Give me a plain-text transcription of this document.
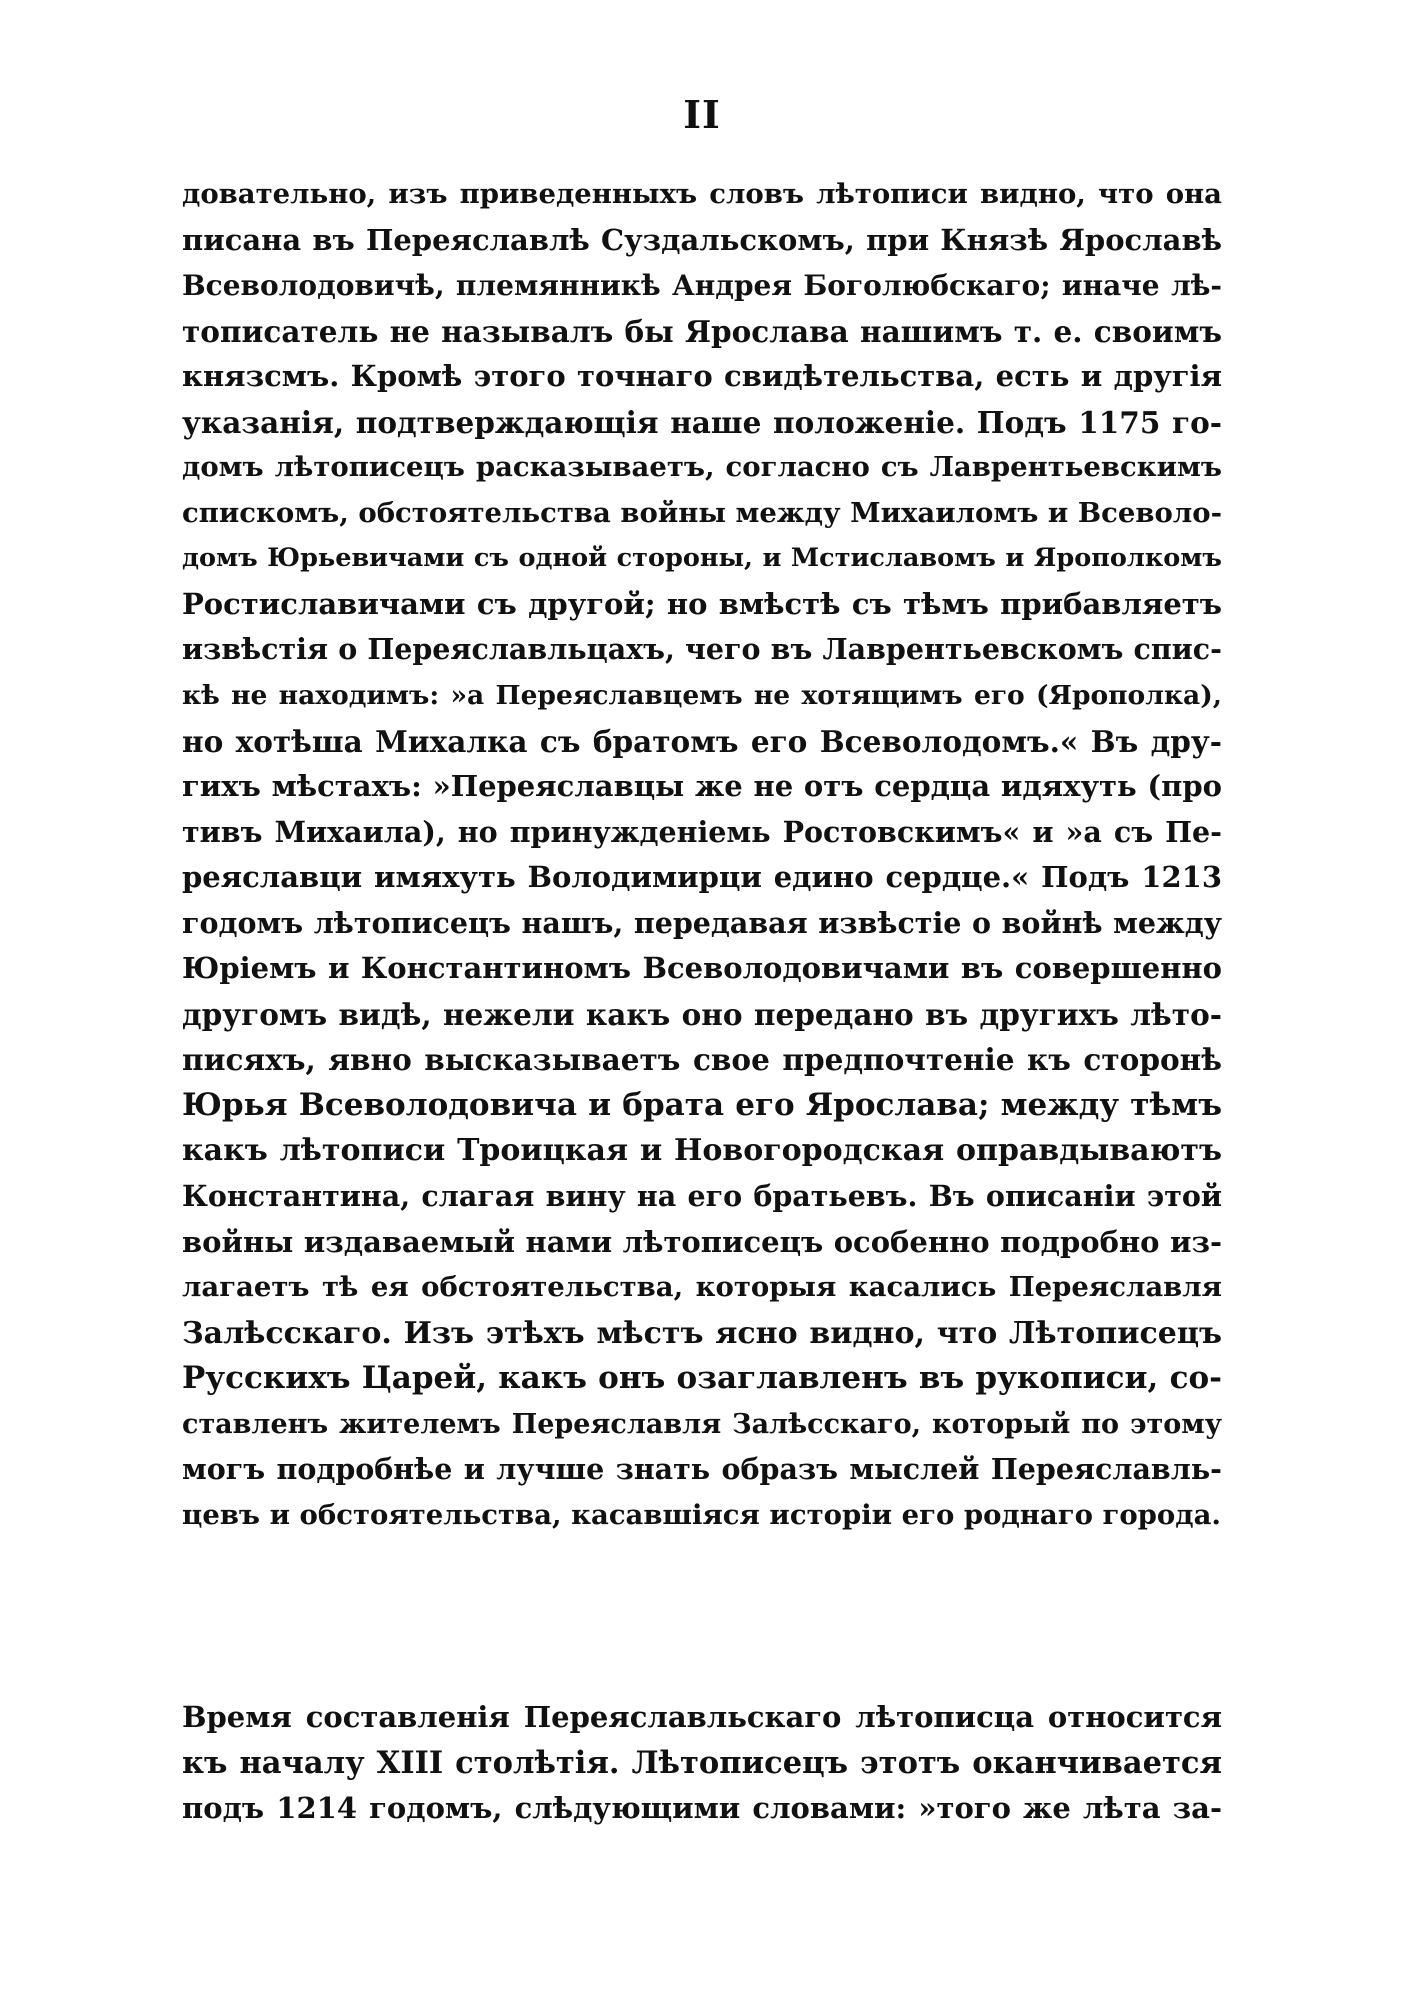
II
довательно, изъ приведенныхъ словъ лѣтописи видно, что она
писана въ Переяславлѣ Суздальскомъ, при Князѣ Ярославѣ
Всеволодовичѣ, племянникѣ Андрея Боголюбскаго; иначе лѣ-
тописатель не называлъ бы Ярослава нашимъ т. е. своимъ
князсмъ. Кромѣ этого точнаго свидѣтельства, есть и другія
указанія, подтверждающія наше положеніе. Подъ 1175 го-
домъ лѣтописецъ расказываетъ, согласно съ Лаврентьевскимъ
спискомъ, обстоятельства войны между Михаиломъ и Всеволо-
домъ Юрьевичами съ одной стороны, и Мстиславомъ и Ярополкомъ
Ростиславичами съ другой; но вмѣстѣ съ тѣмъ прибавляетъ
извѣстія о Переяславльцахъ, чего въ Лаврентьевскомъ спис-
кѣ не находимъ: »а Переяславцемъ не хотящимъ его (Ярополка),
но хотѣша Михалка съ братомъ его Всеволодомъ.« Въ дру-
гихъ мѣстахъ: »Переяславцы же не отъ сердца идяхуть (про
тивъ Михаила), но принужденіемь Ростовскимъ« и »а съ Пе-
реяславци имяхуть Володимирци едино сердце.« Подъ 1213
годомъ лѣтописецъ нашъ, передавая извѣстіе о войнѣ между
Юріемъ и Константиномъ Всеволодовичами въ совершенно
другомъ видѣ, нежели какъ оно передано въ другихъ лѣто-
писяхъ, явно высказываетъ свое предпочтеніе къ сторонѣ
Юрья Всеволодовича и брата его Ярослава; между тѣмъ
какъ лѣтописи Троицкая и Новогородская оправдываютъ
Константина, слагая вину на его братьевъ. Въ описаніи этой
войны издаваемый нами лѣтописецъ особенно подробно из-
лагаетъ тѣ ея обстоятельства, которыя касались Переяславля
Залѣсскаго. Изъ этѣхъ мѣстъ ясно видно, что Лѣтописецъ
Русскихъ Царей, какъ онъ озаглавленъ въ рукописи, со-
ставленъ жителемъ Переяславля Залѣсскаго, который по этому
могъ подробнѣе и лучше знать образъ мыслей Переяславль-
цевъ и обстоятельства, касавшіяся исторіи его роднаго города.
Время составленія Переяславльскаго лѣтописца относится
къ началу XIII столѣтія. Лѣтописецъ этотъ оканчивается
подъ 1214 годомъ, слѣдующими словами: »того же лѣта за-
